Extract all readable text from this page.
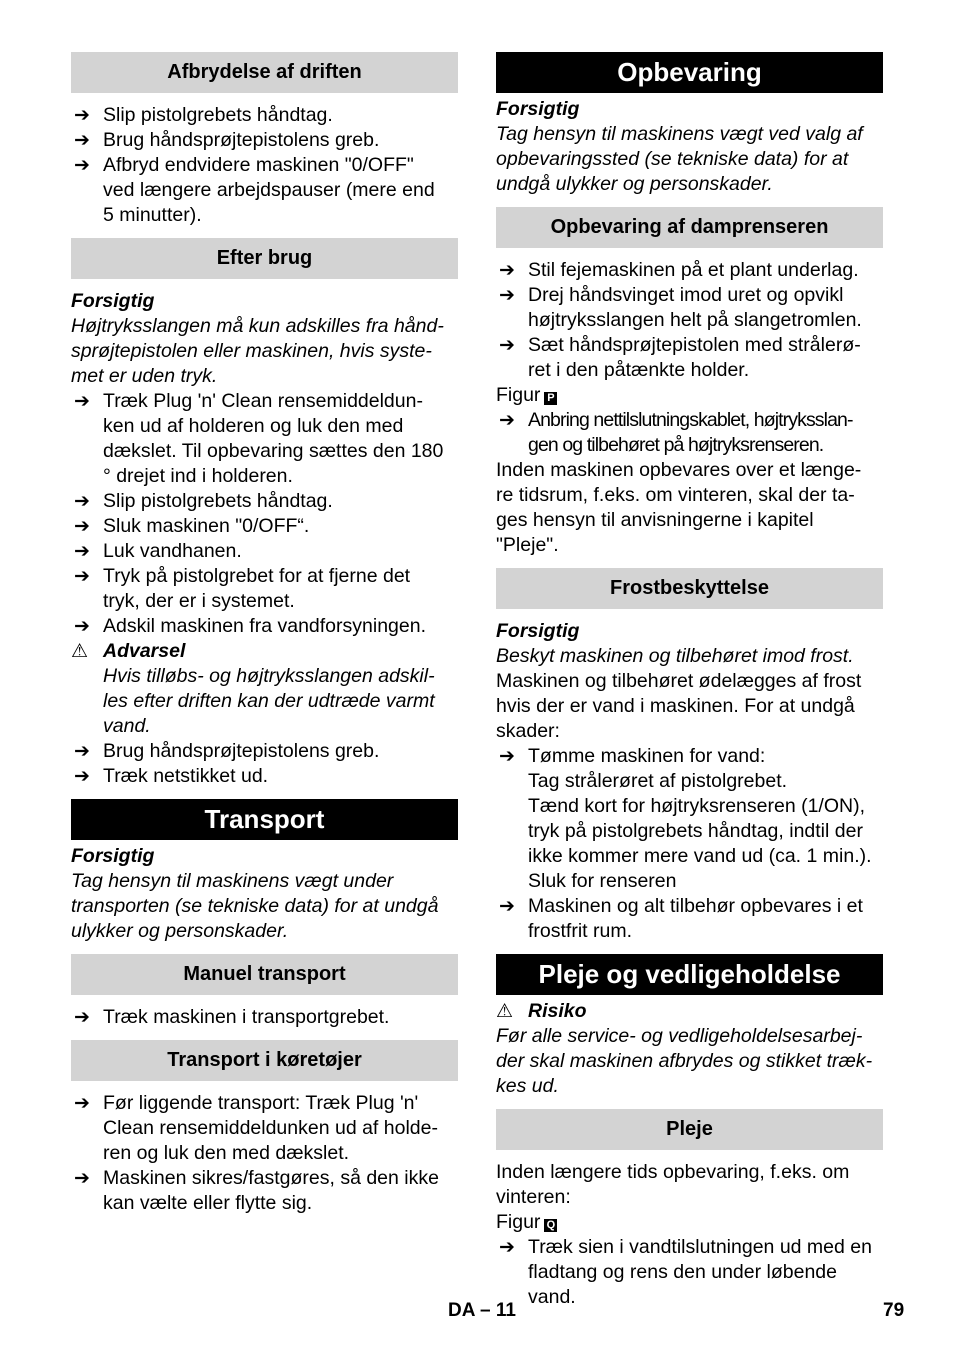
Afbrydelse af driften
➔ Slip pistolgrebets håndtag.
➔ Brug håndsprøjtepistolens greb.
➔ Afbryd endvidere maskinen "0/OFF"
ved længere arbejdspauser (mere end
5 minutter).
Efter brug
Forsigtig
Højtryksslangen må kun adskilles fra hånd-
sprøjtepistolen eller maskinen, hvis syste-
met er uden tryk.
➔ Træk Plug 'n' Clean rensemiddeldun-
ken ud af holderen og luk den med
dækslet. Til opbevaring sættes den 180
° drejet ind i holderen.
➔ Slip pistolgrebets håndtag.
➔ Sluk maskinen "0/OFF“.
➔ Luk vandhanen.
➔ Tryk på pistolgrebet for at fjerne det
tryk, der er i systemet.
➔ Adskil maskinen fra vandforsyningen.
⚠ Advarsel
Hvis tilløbs- og højtryksslangen adskil-
les efter driften kan der udtræde varmt
vand.
➔ Brug håndsprøjtepistolens greb.
➔ Træk netstikket ud.
Transport
Forsigtig
Tag hensyn til maskinens vægt under
transporten (se tekniske data) for at undgå
ulykker og personskader.
Manuel transport
➔ Træk maskinen i transportgrebet.
Transport i køretøjer
➔ Før liggende transport: Træk Plug 'n'
Clean rensemiddeldunken ud af holde-
ren og luk den med dækslet.
➔ Maskinen sikres/fastgøres, så den ikke
kan vælte eller flytte sig.
Opbevaring
Forsigtig
Tag hensyn til maskinens vægt ved valg af
opbevaringssted (se tekniske data) for at
undgå ulykker og personskader.
Opbevaring af damprenseren
➔ Stil fejemaskinen på et plant underlag.
➔ Drej håndsvinget imod uret og opvikl
højtryksslangen helt på slangetromlen.
➔ Sæt håndsprøjtepistolen med strålerø-
ret i den påtænkte holder.
Figur P
➔ Anbring nettilslutningskablet, højtryksslan-
gen og tilbehøret på højtryksrenseren.
Inden maskinen opbevares over et længe-
re tidsrum, f.eks. om vinteren, skal der ta-
ges hensyn til anvisningerne i kapitel
"Pleje".
Frostbeskyttelse
Forsigtig
Beskyt maskinen og tilbehøret imod frost.
Maskinen og tilbehøret ødelægges af frost
hvis der er vand i maskinen. For at undgå
skader:
➔ Tømme maskinen for vand:
Tag strålerøret af pistolgrebet.
Tænd kort for højtryksrenseren (1/ON),
tryk på pistolgrebets håndtag, indtil der
ikke kommer mere vand ud (ca. 1 min.).
Sluk for renseren
➔ Maskinen og alt tilbehør opbevares i et
frostfrit rum.
Pleje og vedligeholdelse
⚠ Risiko
Før alle service- og vedligeholdelsesarbej-
der skal maskinen afbrydes og stikket træk-
kes ud.
Pleje
Inden længere tids opbevaring, f.eks. om
vinteren:
Figur Q
➔ Træk sien i vandtilslutningen ud med en
fladtang og rens den under løbende
vand.
DA – 11	79
